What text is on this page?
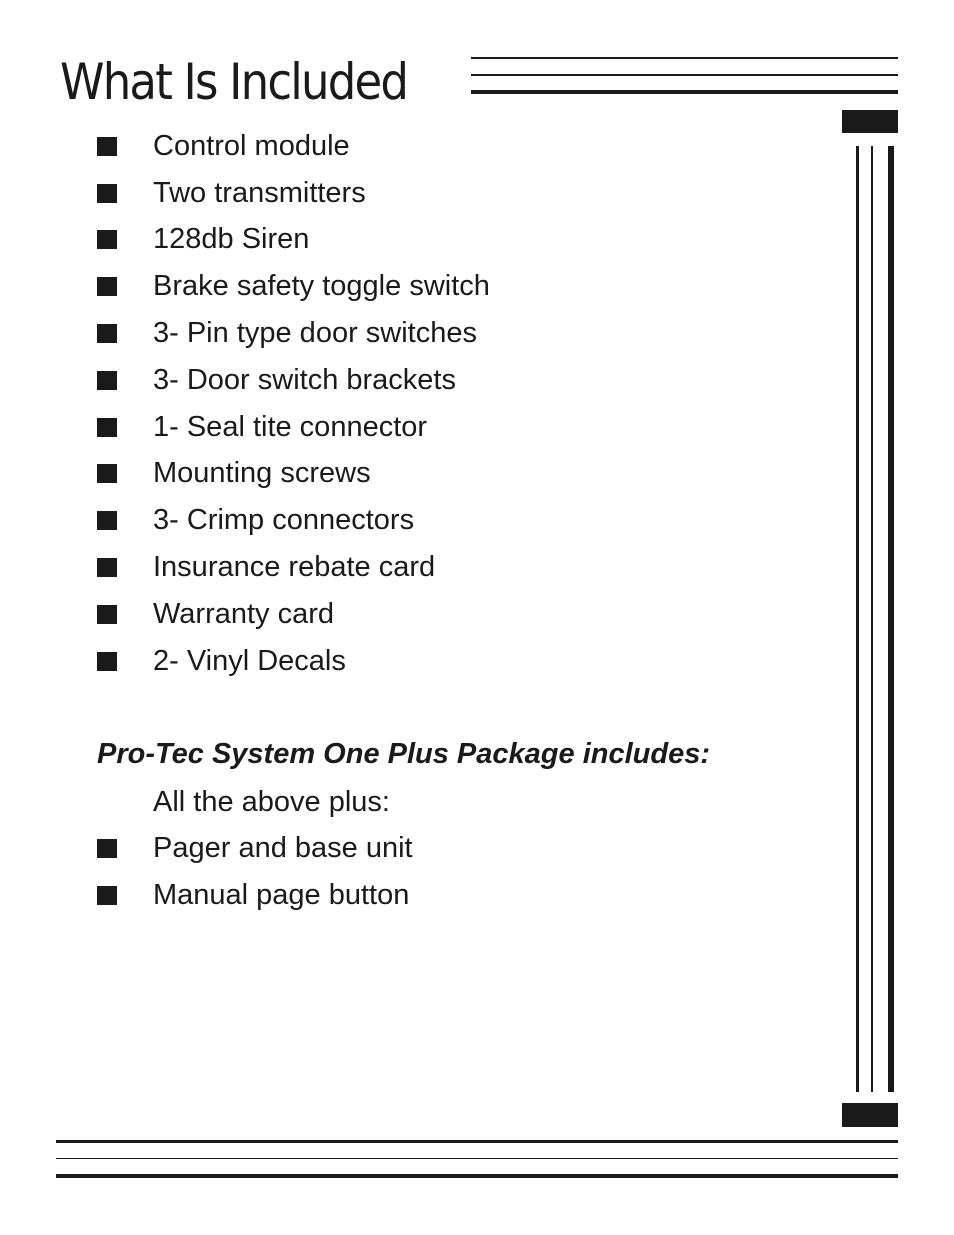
What Is Included
Control module
Two transmitters
128db Siren
Brake safety toggle switch
3- Pin type door switches
3- Door switch brackets
1- Seal tite connector
Mounting screws
3- Crimp connectors
Insurance rebate card
Warranty card
2- Vinyl Decals
Pro-Tec System One Plus Package includes:
All the above plus:
Pager and base unit
Manual page button
